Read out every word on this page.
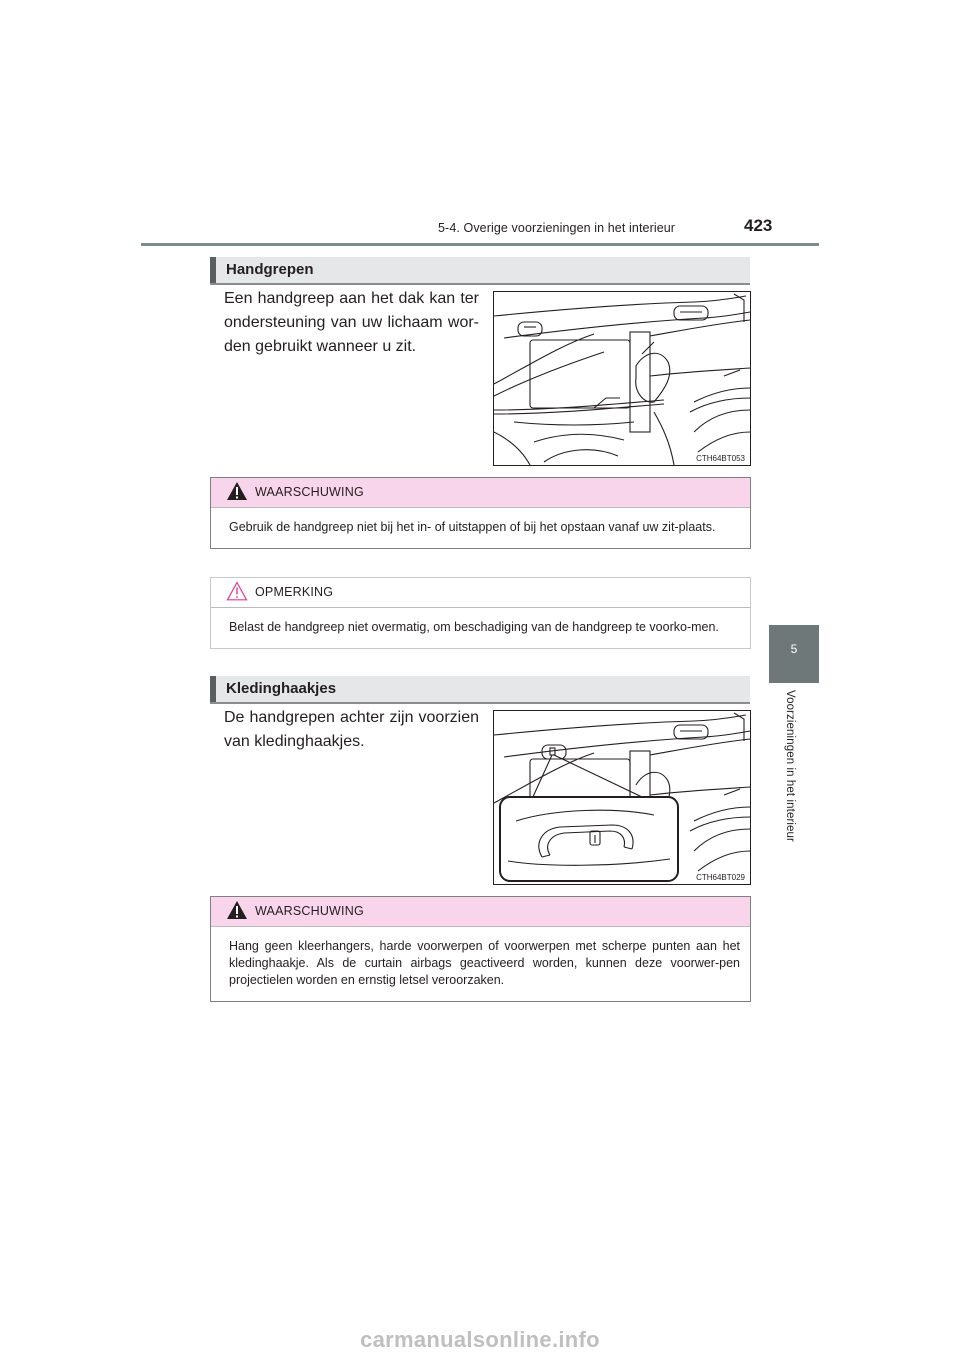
5-4. Overige voorzieningen in het interieur	423
5
Voorzieningen in het interieur
Handgrepen
Een handgreep aan het dak kan ter ondersteuning van uw lichaam wor-den gebruikt wanneer u zit.
CTH64BT053
WAARSCHUWING
Gebruik de handgreep niet bij het in- of uitstappen of bij het opstaan vanaf uw zit-plaats.
OPMERKING
Belast de handgreep niet overmatig, om beschadiging van de handgreep te voorko-men.
Kledinghaakjes
De handgrepen achter zijn voorzien van kledinghaakjes.
CTH64BT029
WAARSCHUWING
Hang geen kleerhangers, harde voorwerpen of voorwerpen met scherpe punten aan het kledinghaakje. Als de curtain airbags geactiveerd worden, kunnen deze voorwer-pen projectielen worden en ernstig letsel veroorzaken.
carmanualsonline.info
